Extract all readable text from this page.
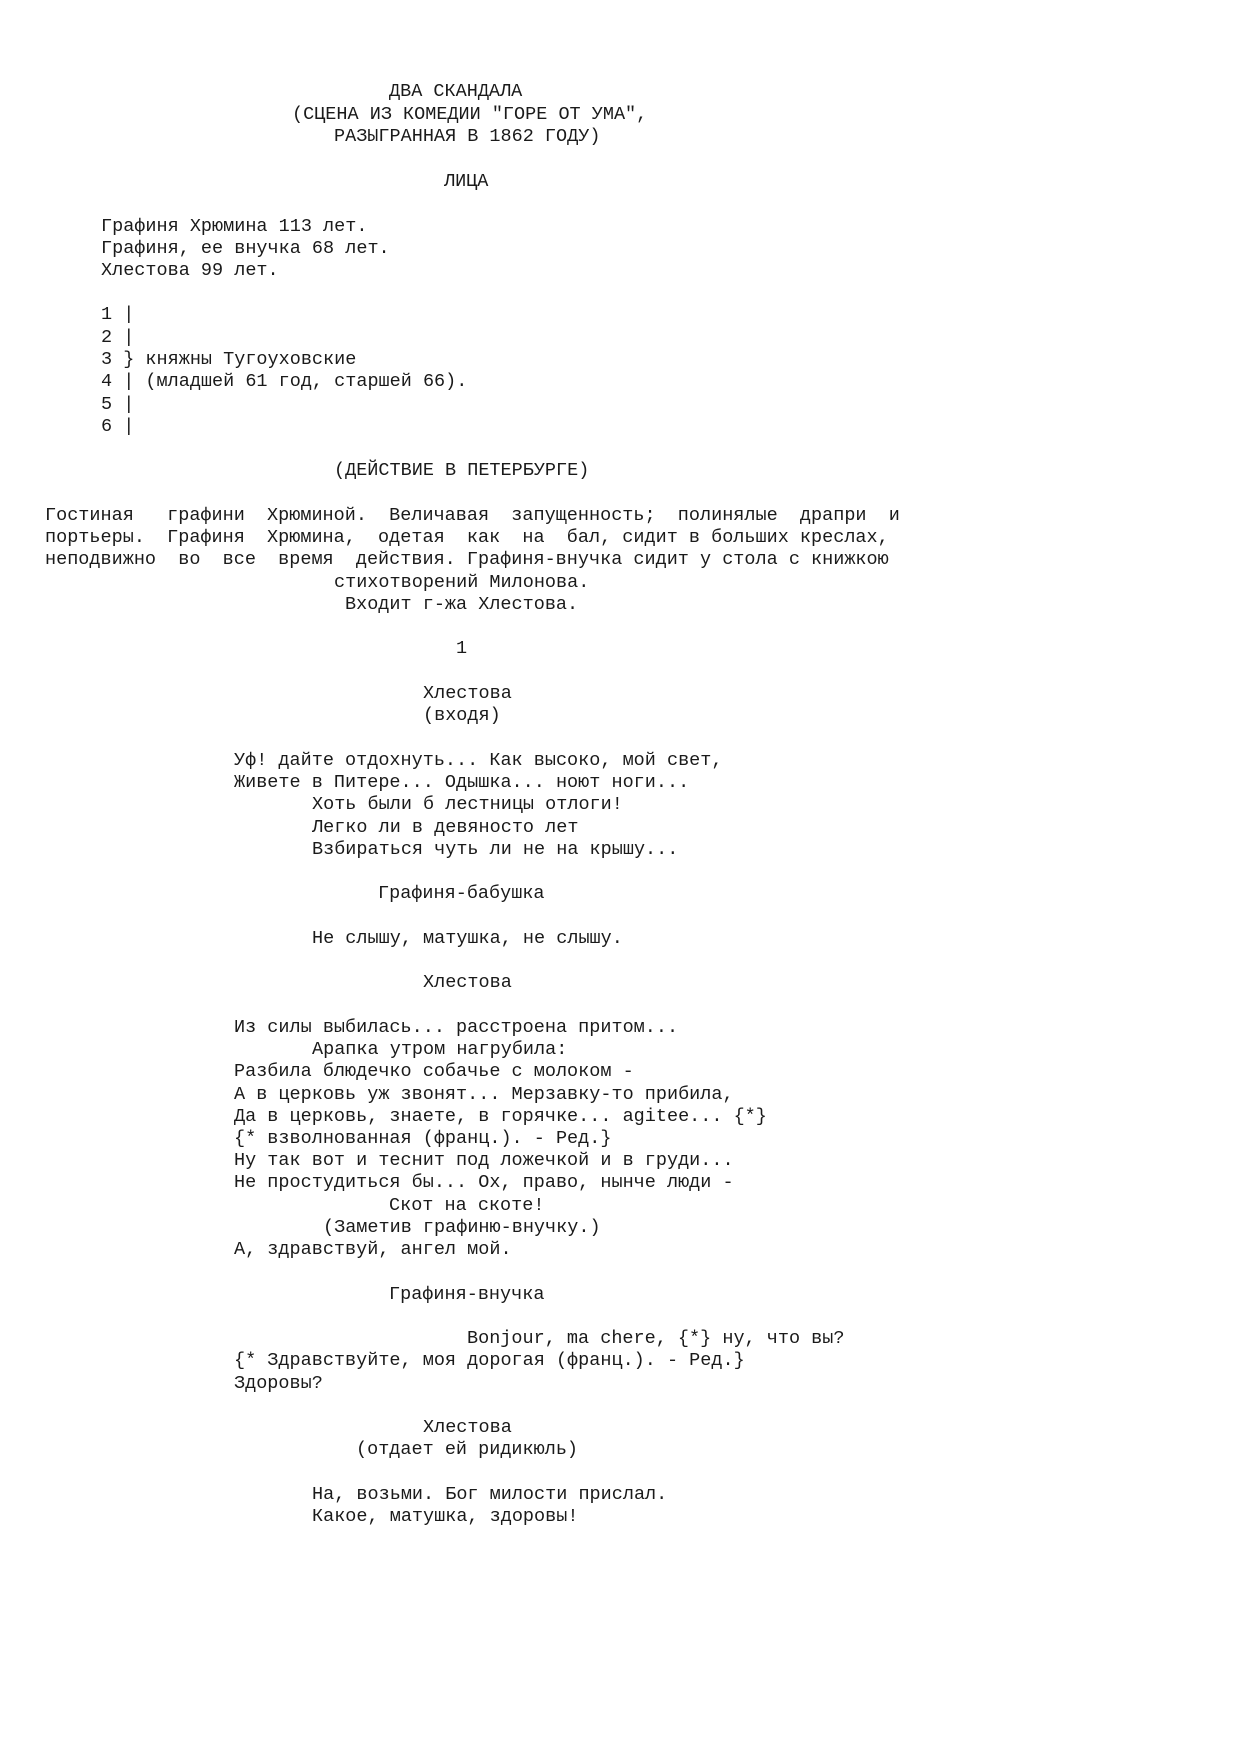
ДВА СКАНДАЛА
(СЦЕНА ИЗ КОМЕДИИ "ГОРЕ ОТ УМА",
РАЗЫГРАННАЯ В 1862 ГОДУ)
ЛИЦА
Графиня Хрюмина 113 лет.
Графиня, ее внучка 68 лет.
Хлестова 99 лет.
1 |
2 |
3 } княжны Тугоуховские
4 | (младшей 61 год, старшей 66).
5 |
6 |
(ДЕЙСТВИЕ В ПЕТЕРБУРГЕ)
Гостиная   графини  Хрюминой.  Величавая  запущенность;  полинялые  драпри  и
портьеры.  Графиня  Хрюмина,  одетая  как  на  бал, сидит в больших креслах,
неподвижно  во  все  время  действия. Графиня-внучка сидит у стола с книжкою
стихотворений Милонова.
Входит г-жа Хлестова.
1
Хлестова
(входя)
Уф! дайте отдохнуть... Как высоко, мой свет,
Живете в Питере... Одышка... ноют ноги...
Хоть были б лестницы отлоги!
Легко ли в девяносто лет
Взбираться чуть ли не на крышу...
Графиня-бабушка
Не слышу, матушка, не слышу.
Хлестова
Из силы выбилась... расстроена притом...
Арапка утром нагрубила:
Разбила блюдечко собачье с молоком -
А в церковь уж звонят... Мерзавку-то прибила,
Да в церковь, знаете, в горячке... agitee... {*}
{* взволнованная (франц.). - Ред.}
Ну так вот и теснит под ложечкой и в груди...
Не простудиться бы... Ох, право, нынче люди -
Скот на скоте!
(Заметив графиню-внучку.)
А, здравствуй, ангел мой.
Графиня-внучка
Bonjour, ma chere, {*} ну, что вы?
{* Здравствуйте, моя дорогая (франц.). - Ред.}
Здоровы?
Хлестова
(отдает ей ридикюль)
На, возьми. Бог милости прислал.
Какое, матушка, здоровы!
